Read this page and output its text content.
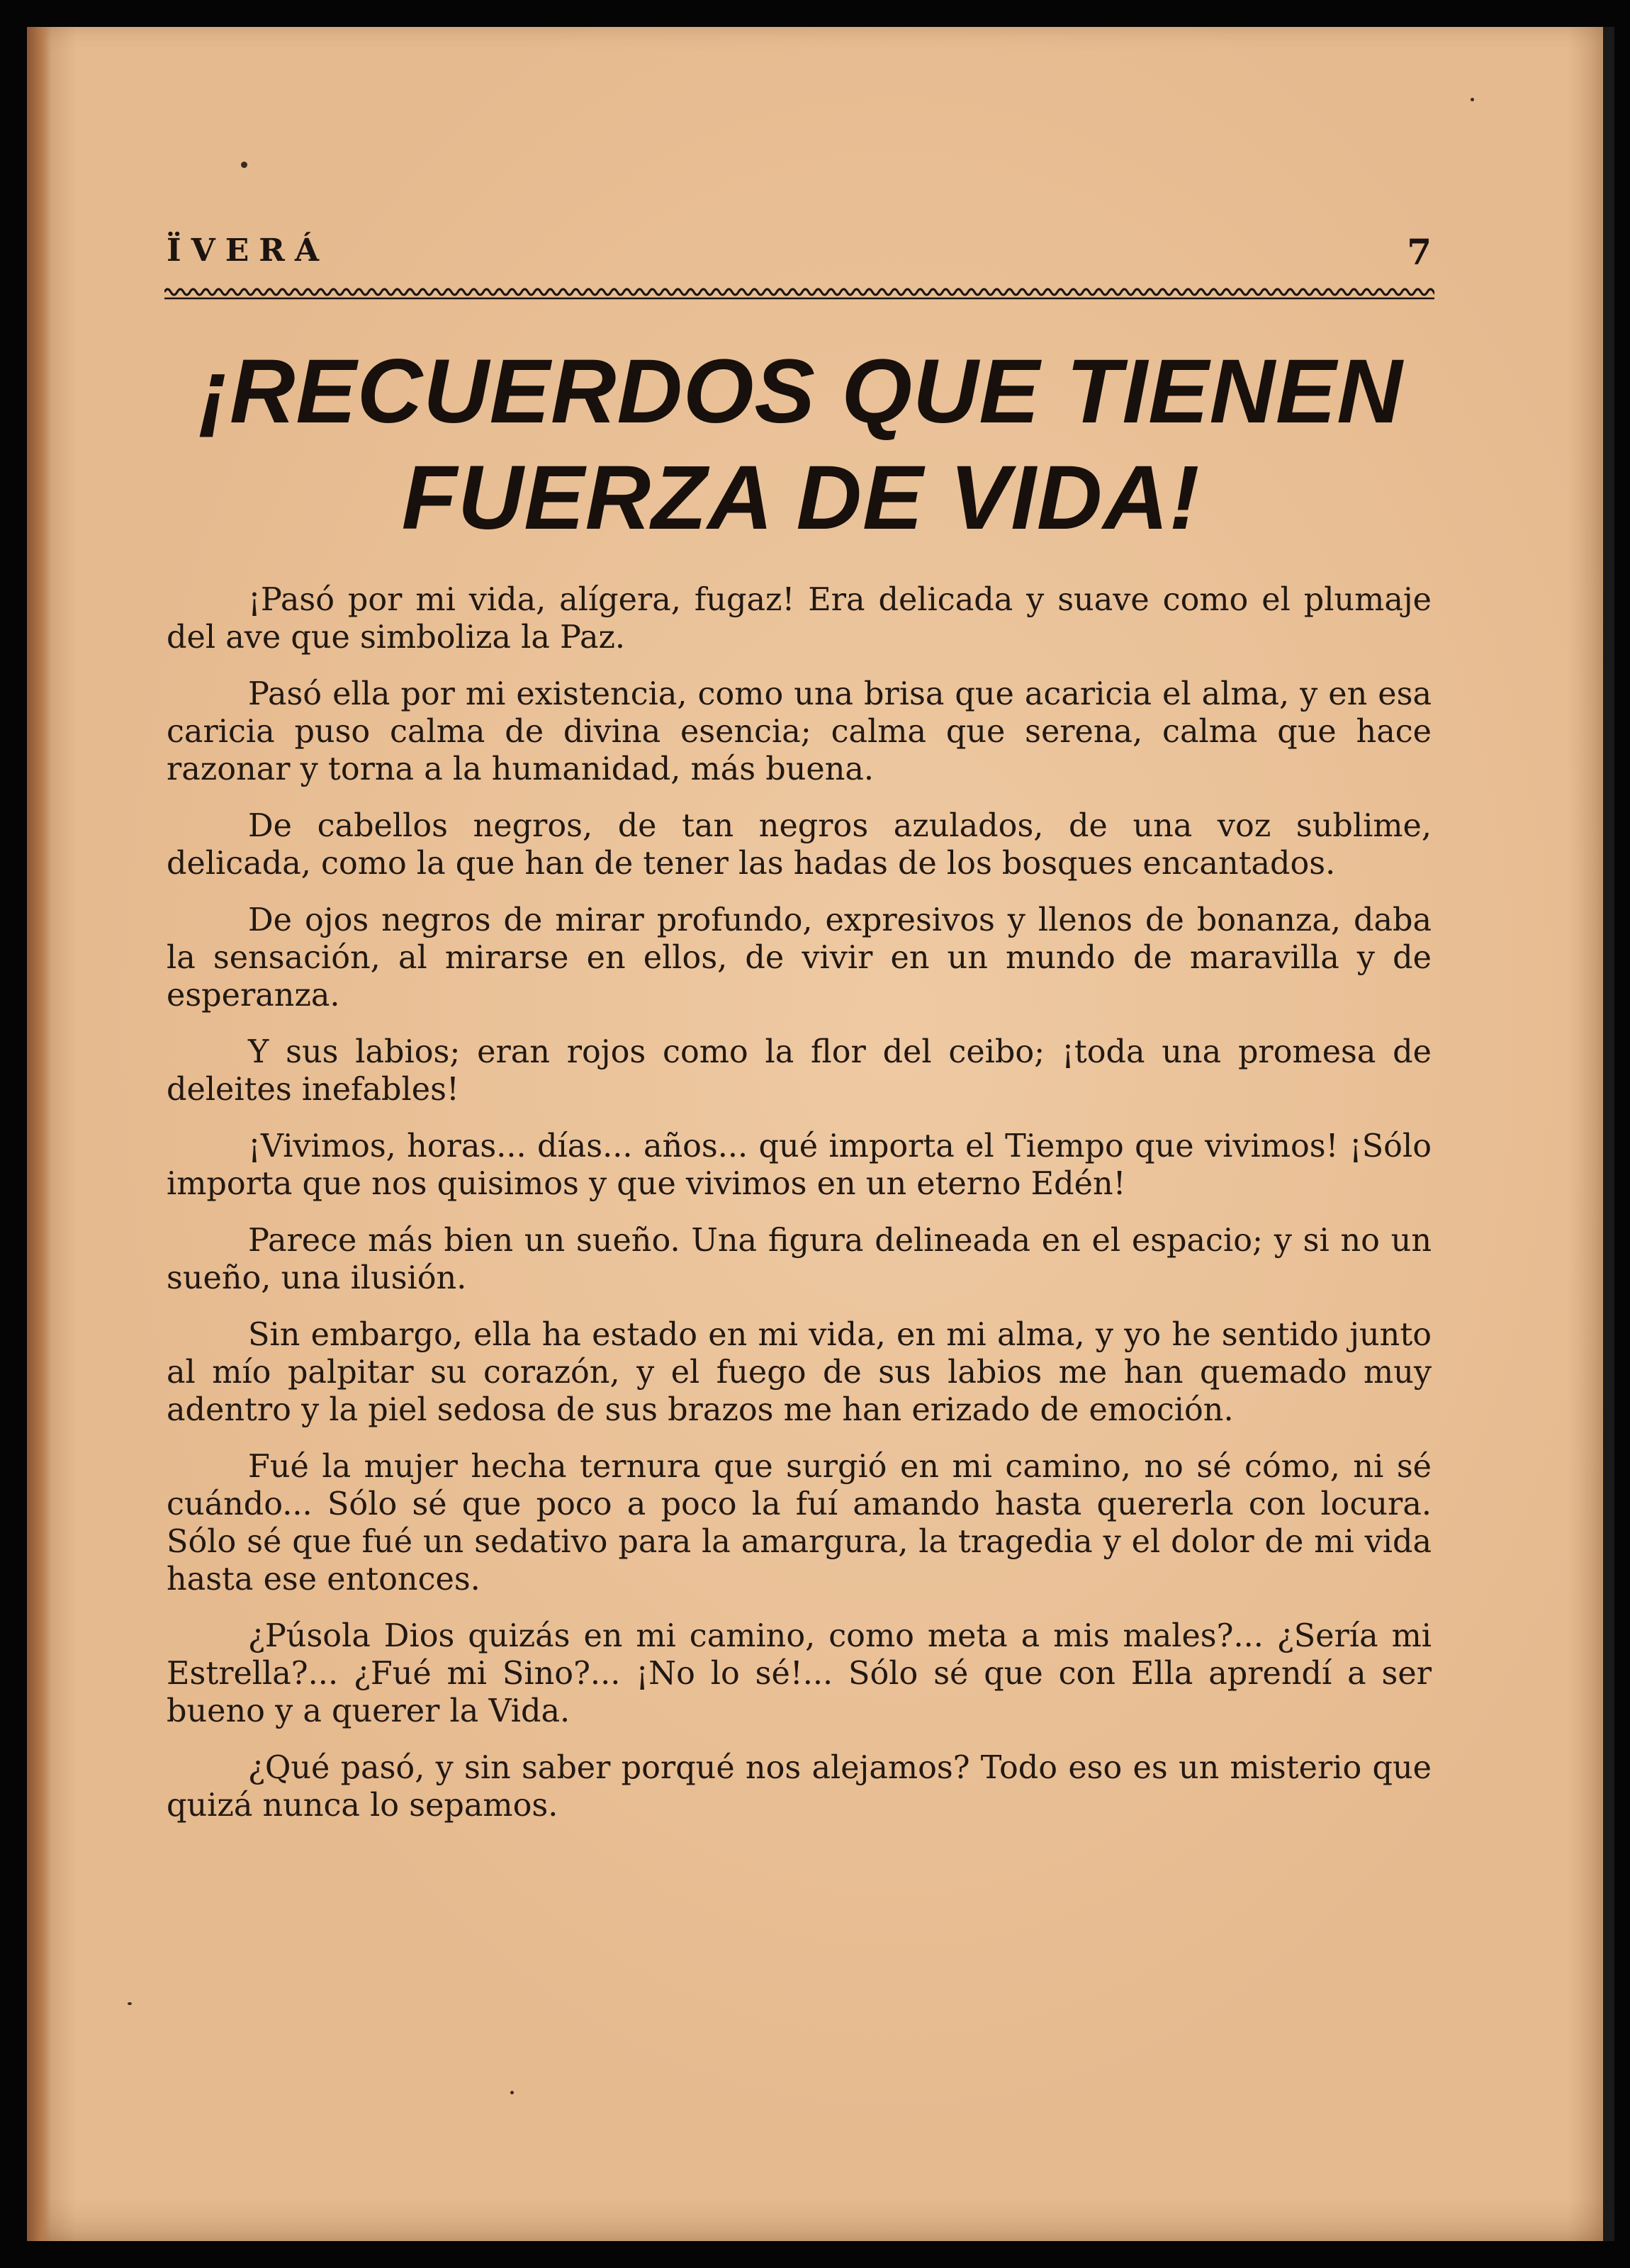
ÏVERÁ	7
¡RECUERDOS QUE TIENEN
FUERZA DE VIDA!

¡Pasó por mi vida, alígera, fugaz! Era delicada y suave como el plumaje del ave que simboliza la Paz.

Pasó ella por mi existencia, como una brisa que acaricia el alma, y en esa caricia puso calma de divina esencia; calma que serena, calma que hace razonar y torna a la humanidad, más buena.

De cabellos negros, de tan negros azulados, de una voz sublime, delicada, como la que han de tener las hadas de los bosques encantados.

De ojos negros de mirar profundo, expresivos y llenos de bonanza, daba la sensación, al mirarse en ellos, de vivir en un mundo de maravilla y de esperanza.

Y sus labios; eran rojos como la flor del ceibo; ¡toda una promesa de deleites inefables!

¡Vivimos, horas... días... años... qué importa el Tiempo que vivimos! ¡Sólo importa que nos quisimos y que vivimos en un eterno Edén!

Parece más bien un sueño. Una figura delineada en el espacio; y si no un sueño, una ilusión.

Sin embargo, ella ha estado en mi vida, en mi alma, y yo he sentido junto al mío palpitar su corazón, y el fuego de sus labios me han quemado muy adentro y la piel sedosa de sus brazos me han erizado de emoción.

Fué la mujer hecha ternura que surgió en mi camino, no sé cómo, ni sé cuándo... Sólo sé que poco a poco la fuí amando hasta quererla con locura. Sólo sé que fué un sedativo para la amargura, la tragedia y el dolor de mi vida hasta ese entonces.

¿Púsola Dios quizás en mi camino, como meta a mis males?... ¿Sería mi Estrella?... ¿Fué mi Sino?... ¡No lo sé!... Sólo sé que con Ella aprendí a ser bueno y a querer la Vida.

¿Qué pasó, y sin saber porqué nos alejamos? Todo eso es un misterio que quizá nunca lo sepamos.
